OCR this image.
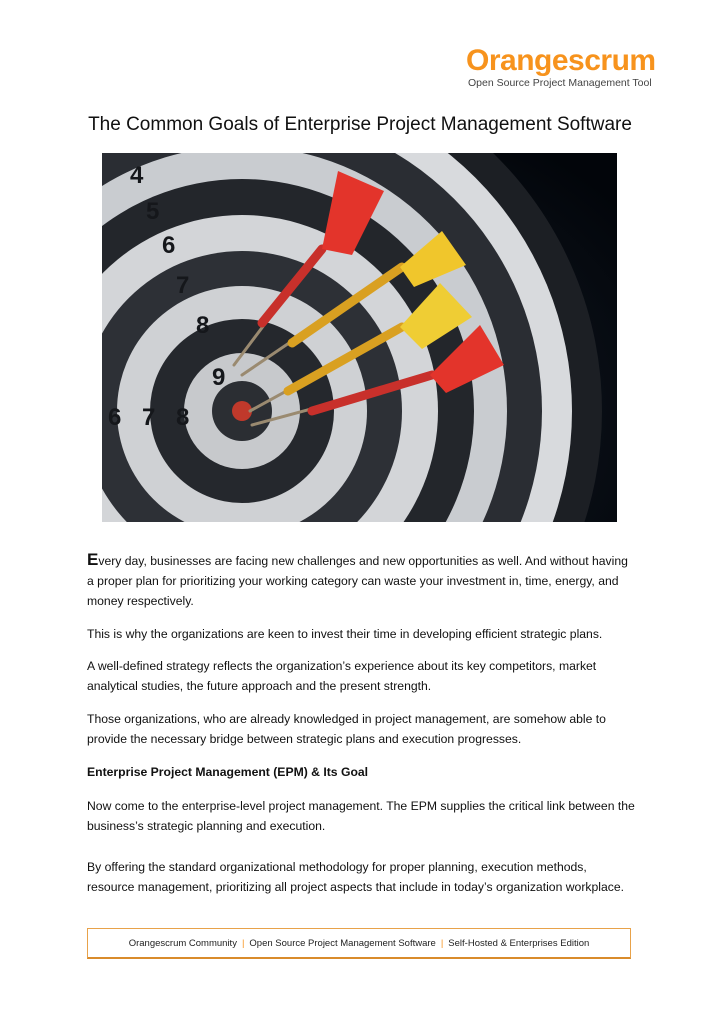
Orangescrum
Open Source Project Management Tool
The Common Goals of Enterprise Project Management Software
4
5
6
7
8
9
6 7 8

Every day, businesses are facing new challenges and new opportunities as well. And without having a proper plan for prioritizing your working category can waste your investment in, time, energy, and money respectively.

This is why the organizations are keen to invest their time in developing efficient strategic plans.

A well-defined strategy reflects the organization’s experience about its key competitors, market analytical studies, the future approach and the present strength.

Those organizations, who are already knowledged in project management, are somehow able to provide the necessary bridge between strategic plans and execution progresses.

Enterprise Project Management (EPM) & Its Goal

Now come to the enterprise-level project management. The EPM supplies the critical link between the business’s strategic planning and execution.

By offering the standard organizational methodology for proper planning, execution methods, resource management, prioritizing all project aspects that include in today’s organization workplace.

Orangescrum Community | Open Source Project Management Software | Self-Hosted & Enterprises Edition
